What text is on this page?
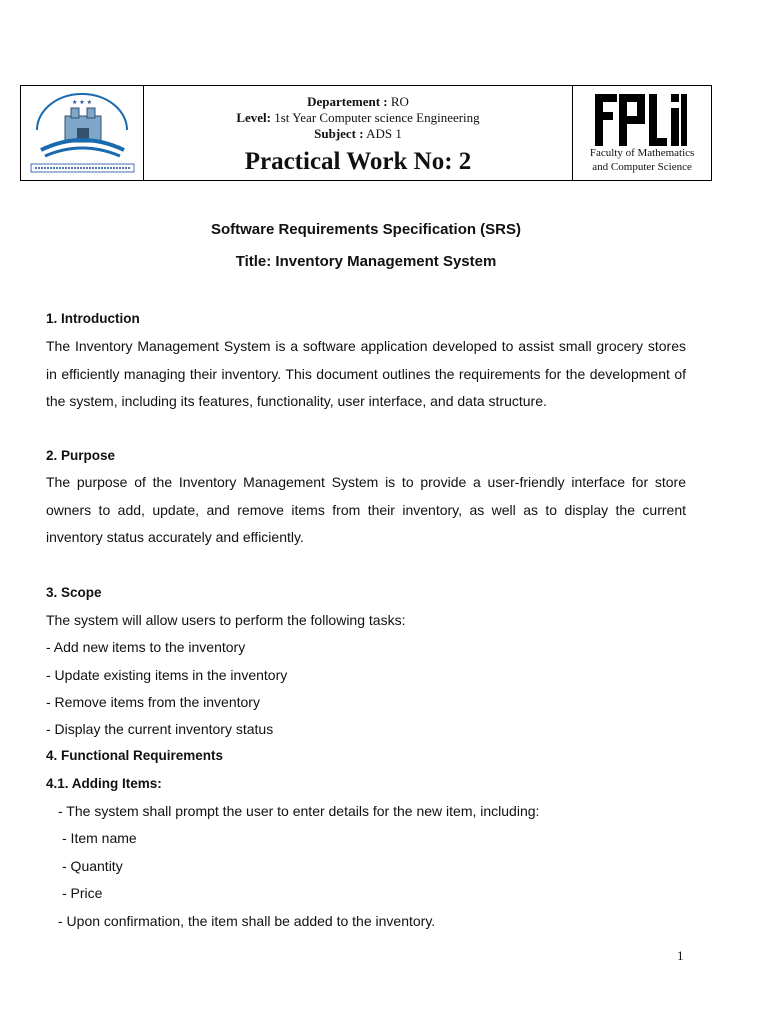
★ ★ ★	Departement : RO
Level: 1st Year Computer science Engineering
Subject : ADS 1
Practical Work No: 2	Faculty of Mathematics
and Computer Science
Software Requirements Specification (SRS)
Title: Inventory Management System
1. Introduction
The Inventory Management System is a software application developed to assist small grocery stores in efficiently managing their inventory. This document outlines the requirements for the development of the system, including its features, functionality, user interface, and data structure.
2. Purpose
The purpose of the Inventory Management System is to provide a user-friendly interface for store owners to add, update, and remove items from their inventory, as well as to display the current inventory status accurately and efficiently.
3. Scope
The system will allow users to perform the following tasks:
- Add new items to the inventory
- Update existing items in the inventory
- Remove items from the inventory
- Display the current inventory status
4. Functional Requirements
4.1. Adding Items:
- The system shall prompt the user to enter details for the new item, including:
- Item name
- Quantity
- Price
- Upon confirmation, the item shall be added to the inventory.
1
